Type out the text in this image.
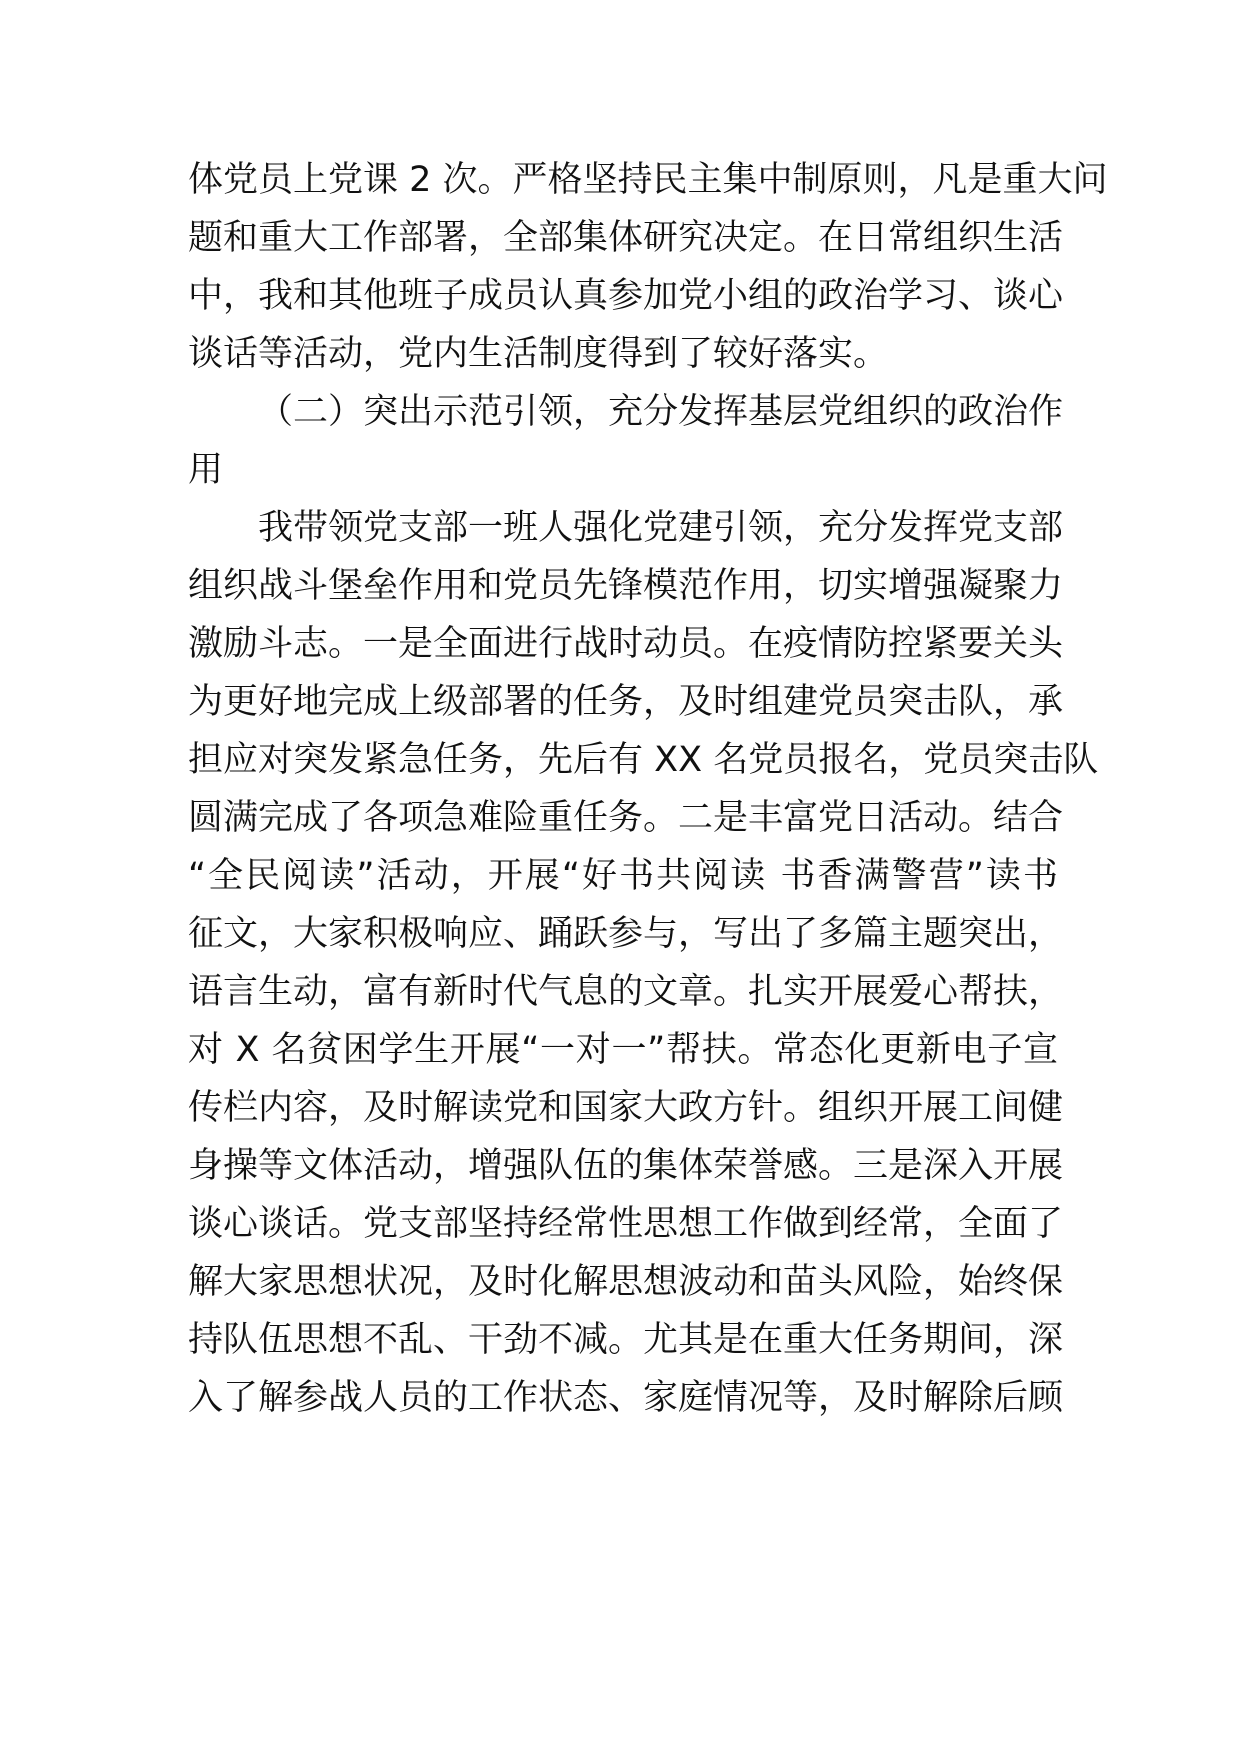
体党员上党课 2 次。严格坚持民主集中制原则，凡是重大问
题和重大工作部署，全部集体研究决定。在日常组织生活
中，我和其他班子成员认真参加党小组的政治学习、谈心
谈话等活动，党内生活制度得到了较好落实。
（二）突出示范引领，充分发挥基层党组织的政治作
用
我带领党支部一班人强化党建引领，充分发挥党支部
组织战斗堡垒作用和党员先锋模范作用，切实增强凝聚力
激励斗志。一是全面进行战时动员。在疫情防控紧要关头
为更好地完成上级部署的任务，及时组建党员突击队，承
担应对突发紧急任务，先后有 XX 名党员报名，党员突击队
圆满完成了各项急难险重任务。二是丰富党日活动。结合
“全民阅读”活动，开展“好书共阅读 书香满警营”读书
征文，大家积极响应、踊跃参与，写出了多篇主题突出，
语言生动，富有新时代气息的文章。扎实开展爱心帮扶，
对 X 名贫困学生开展“一对一”帮扶。常态化更新电子宣
传栏内容，及时解读党和国家大政方针。组织开展工间健
身操等文体活动，增强队伍的集体荣誉感。三是深入开展
谈心谈话。党支部坚持经常性思想工作做到经常，全面了
解大家思想状况，及时化解思想波动和苗头风险，始终保
持队伍思想不乱、干劲不减。尤其是在重大任务期间，深
入了解参战人员的工作状态、家庭情况等，及时解除后顾
